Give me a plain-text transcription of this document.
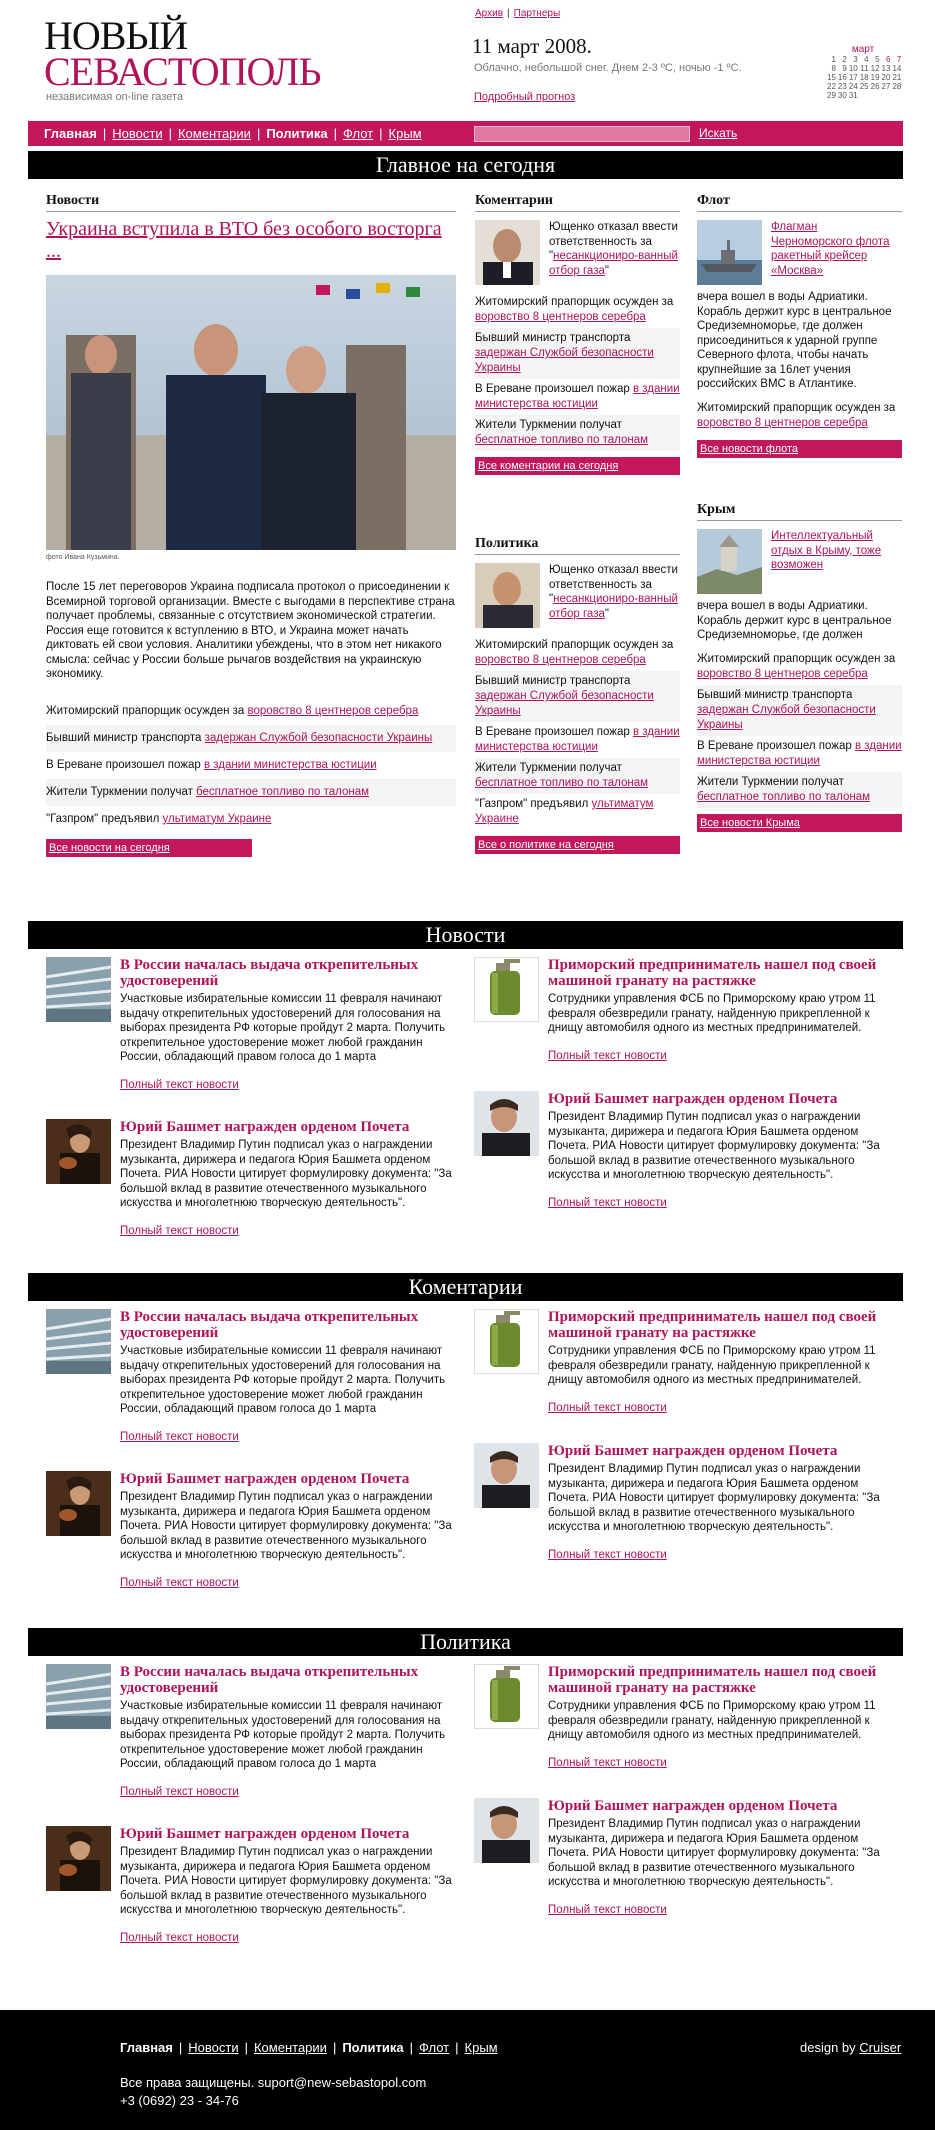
НОВЫЙ
СЕВАСТОПОЛЬ
независимая on-line газета
Архив | Партнеры
11 март 2008.
Облачно, небольшой снег. Днем 2-3 ºС, ночью -1 ºС.
Подробный прогноз
март
1	2	3	4	5	6	7
8	9	10	11	12	13	14
15	16	17	18	19	20	21
22	23	24	25	26	27	28
29	30	31				
Главная | Новости | Коментарии | Политика | Флот | Крым	Искать
Главное на сегодня
Новости
Украина вступила в ВТО без особого восторга ...
фото Ивана Кузьмина.
После 15 лет переговоров Украина подписала протокол о присоединении к Всемирной торговой организации. Вместе с выгодами в перспективе страна получает проблемы, связанные с отсутствием экономической стратегии. Россия еще готовится к вступлению в ВТО, и Украина может начать диктовать ей свои условия. Аналитики убеждены, что в этом нет никакого смысла: сейчас у России больше рычагов воздействия на украинскую экономику.
Житомирский прапорщик осужден за воровство 8 центнеров серебра
Бывший министр транспорта задержан Службой безопасности Украины
В Ереване произошел пожар в здании министерства юстиции
Жители Туркмении получат бесплатное топливо по талонам
"Газпром" предъявил ультиматум Украине
Все новости на сегодня
Коментарии
Ющенко отказал ввести ответственность за "несанкциониро-ванный отбор газа"
Житомирский прапорщик осужден за воровство 8 центнеров серебра
Бывший министр транспорта задержан Службой безопасности Украины
В Ереване произошел пожар в здании министерства юстиции
Жители Туркмении получат бесплатное топливо по талонам
Все коментарии на сегодня
Политика
Ющенко отказал ввести ответственность за "несанкциониро-ванный отбор газа"
Житомирский прапорщик осужден за воровство 8 центнеров серебра
Бывший министр транспорта задержан Службой безопасности Украины
В Ереване произошел пожар в здании министерства юстиции
Жители Туркмении получат бесплатное топливо по талонам
"Газпром" предъявил ультиматум Украине
Все о политике на сегодня
Флот
Флагман Черноморского флота ракетный крейсер «Москва»
вчера вошел в воды Адриатики. Корабль держит курс в центральное Средиземноморье, где должен присоединиться к ударной группе Северного флота, чтобы начать крупнейшие за 16лет учения российских ВМС в Атлантике.
Житомирский прапорщик осужден за воровство 8 центнеров серебра
Все новости флота
Крым
Интеллектуальный отдых в Крыму, тоже возможен
вчера вошел в воды Адриатики. Корабль держит курс в центральное Средиземноморье, где должен
Житомирский прапорщик осужден за воровство 8 центнеров серебра
Бывший министр транспорта задержан Службой безопасности Украины
В Ереване произошел пожар в здании министерства юстиции
Жители Туркмении получат бесплатное топливо по талонам
Все новости Крыма
Новости
В России началась выдача открепительных удостоверений
Участковые избирательные комиссии 11 февраля начинают выдачу открепительных удостоверений для голосования на выборах президента РФ которые пройдут 2 марта. Получить открепительное удостоверение может любой гражданин России, обладающий правом голоса до 1 марта
Полный текст новости
Приморский предприниматель нашел под своей машиной гранату на растяжке
Сотрудники управления ФСБ по Приморскому краю утром 11 февраля обезвредили гранату, найденную прикрепленной к днищу автомобиля одного из местных предпринимателей.
Полный текст новости
Юрий Башмет награжден орденом Почета
Президент Владимир Путин подписал указ о награждении музыканта, дирижера и педагога Юрия Башмета орденом Почета. РИА Новости цитирует формулировку документа: "За большой вклад в развитие отечественного музыкального искусства и многолетнюю творческую деятельность".
Полный текст новости
Юрий Башмет награжден орденом Почета
Президент Владимир Путин подписал указ о награждении музыканта, дирижера и педагога Юрия Башмета орденом Почета. РИА Новости цитирует формулировку документа: "За большой вклад в развитие отечественного музыкального искусства и многолетнюю творческую деятельность".
Полный текст новости
Коментарии
В России началась выдача открепительных удостоверений
Участковые избирательные комиссии 11 февраля начинают выдачу открепительных удостоверений для голосования на выборах президента РФ которые пройдут 2 марта. Получить открепительное удостоверение может любой гражданин России, обладающий правом голоса до 1 марта
Полный текст новости
Приморский предприниматель нашел под своей машиной гранату на растяжке
Сотрудники управления ФСБ по Приморскому краю утром 11 февраля обезвредили гранату, найденную прикрепленной к днищу автомобиля одного из местных предпринимателей.
Полный текст новости
Юрий Башмет награжден орденом Почета
Президент Владимир Путин подписал указ о награждении музыканта, дирижера и педагога Юрия Башмета орденом Почета. РИА Новости цитирует формулировку документа: "За большой вклад в развитие отечественного музыкального искусства и многолетнюю творческую деятельность".
Полный текст новости
Юрий Башмет награжден орденом Почета
Президент Владимир Путин подписал указ о награждении музыканта, дирижера и педагога Юрия Башмета орденом Почета. РИА Новости цитирует формулировку документа: "За большой вклад в развитие отечественного музыкального искусства и многолетнюю творческую деятельность".
Полный текст новости
Политика
В России началась выдача открепительных удостоверений
Участковые избирательные комиссии 11 февраля начинают выдачу открепительных удостоверений для голосования на выборах президента РФ которые пройдут 2 марта. Получить открепительное удостоверение может любой гражданин России, обладающий правом голоса до 1 марта
Полный текст новости
Приморский предприниматель нашел под своей машиной гранату на растяжке
Сотрудники управления ФСБ по Приморскому краю утром 11 февраля обезвредили гранату, найденную прикрепленной к днищу автомобиля одного из местных предпринимателей.
Полный текст новости
Юрий Башмет награжден орденом Почета
Президент Владимир Путин подписал указ о награждении музыканта, дирижера и педагога Юрия Башмета орденом Почета. РИА Новости цитирует формулировку документа: "За большой вклад в развитие отечественного музыкального искусства и многолетнюю творческую деятельность".
Полный текст новости
Юрий Башмет награжден орденом Почета
Президент Владимир Путин подписал указ о награждении музыканта, дирижера и педагога Юрия Башмета орденом Почета. РИА Новости цитирует формулировку документа: "За большой вклад в развитие отечественного музыкального искусства и многолетнюю творческую деятельность".
Полный текст новости
Главная | Новости | Коментарии | Политика | Флот | Крым	design by Cruiser
Все права защищены. suport@new-sebastopol.com
+3 (0692) 23 - 34-76
